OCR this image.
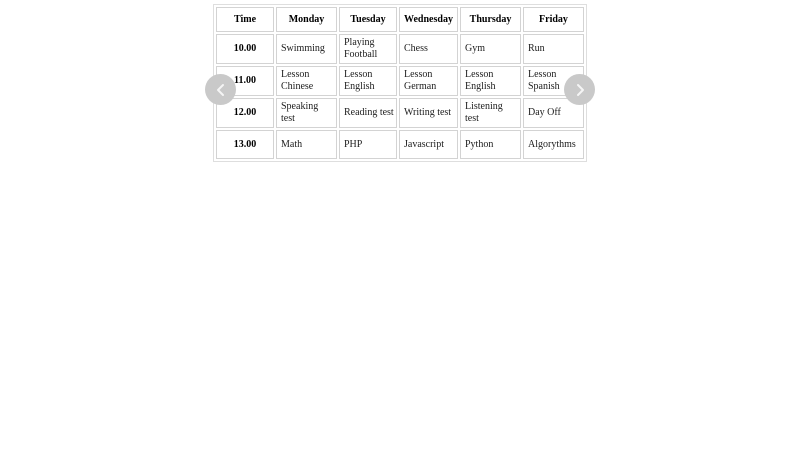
Time	Monday	Tuesday	Wednesday	Thursday	Friday
10.00	Swimming	Playing Football	Chess	Gym	Run
11.00	Lesson Chinese	Lesson English	Lesson German	Lesson English	Lesson Spanish
12.00	Speaking test	Reading test	Writing test	Listening test	Day Off
13.00	Math	PHP	Javascript	Python	Algorythms
